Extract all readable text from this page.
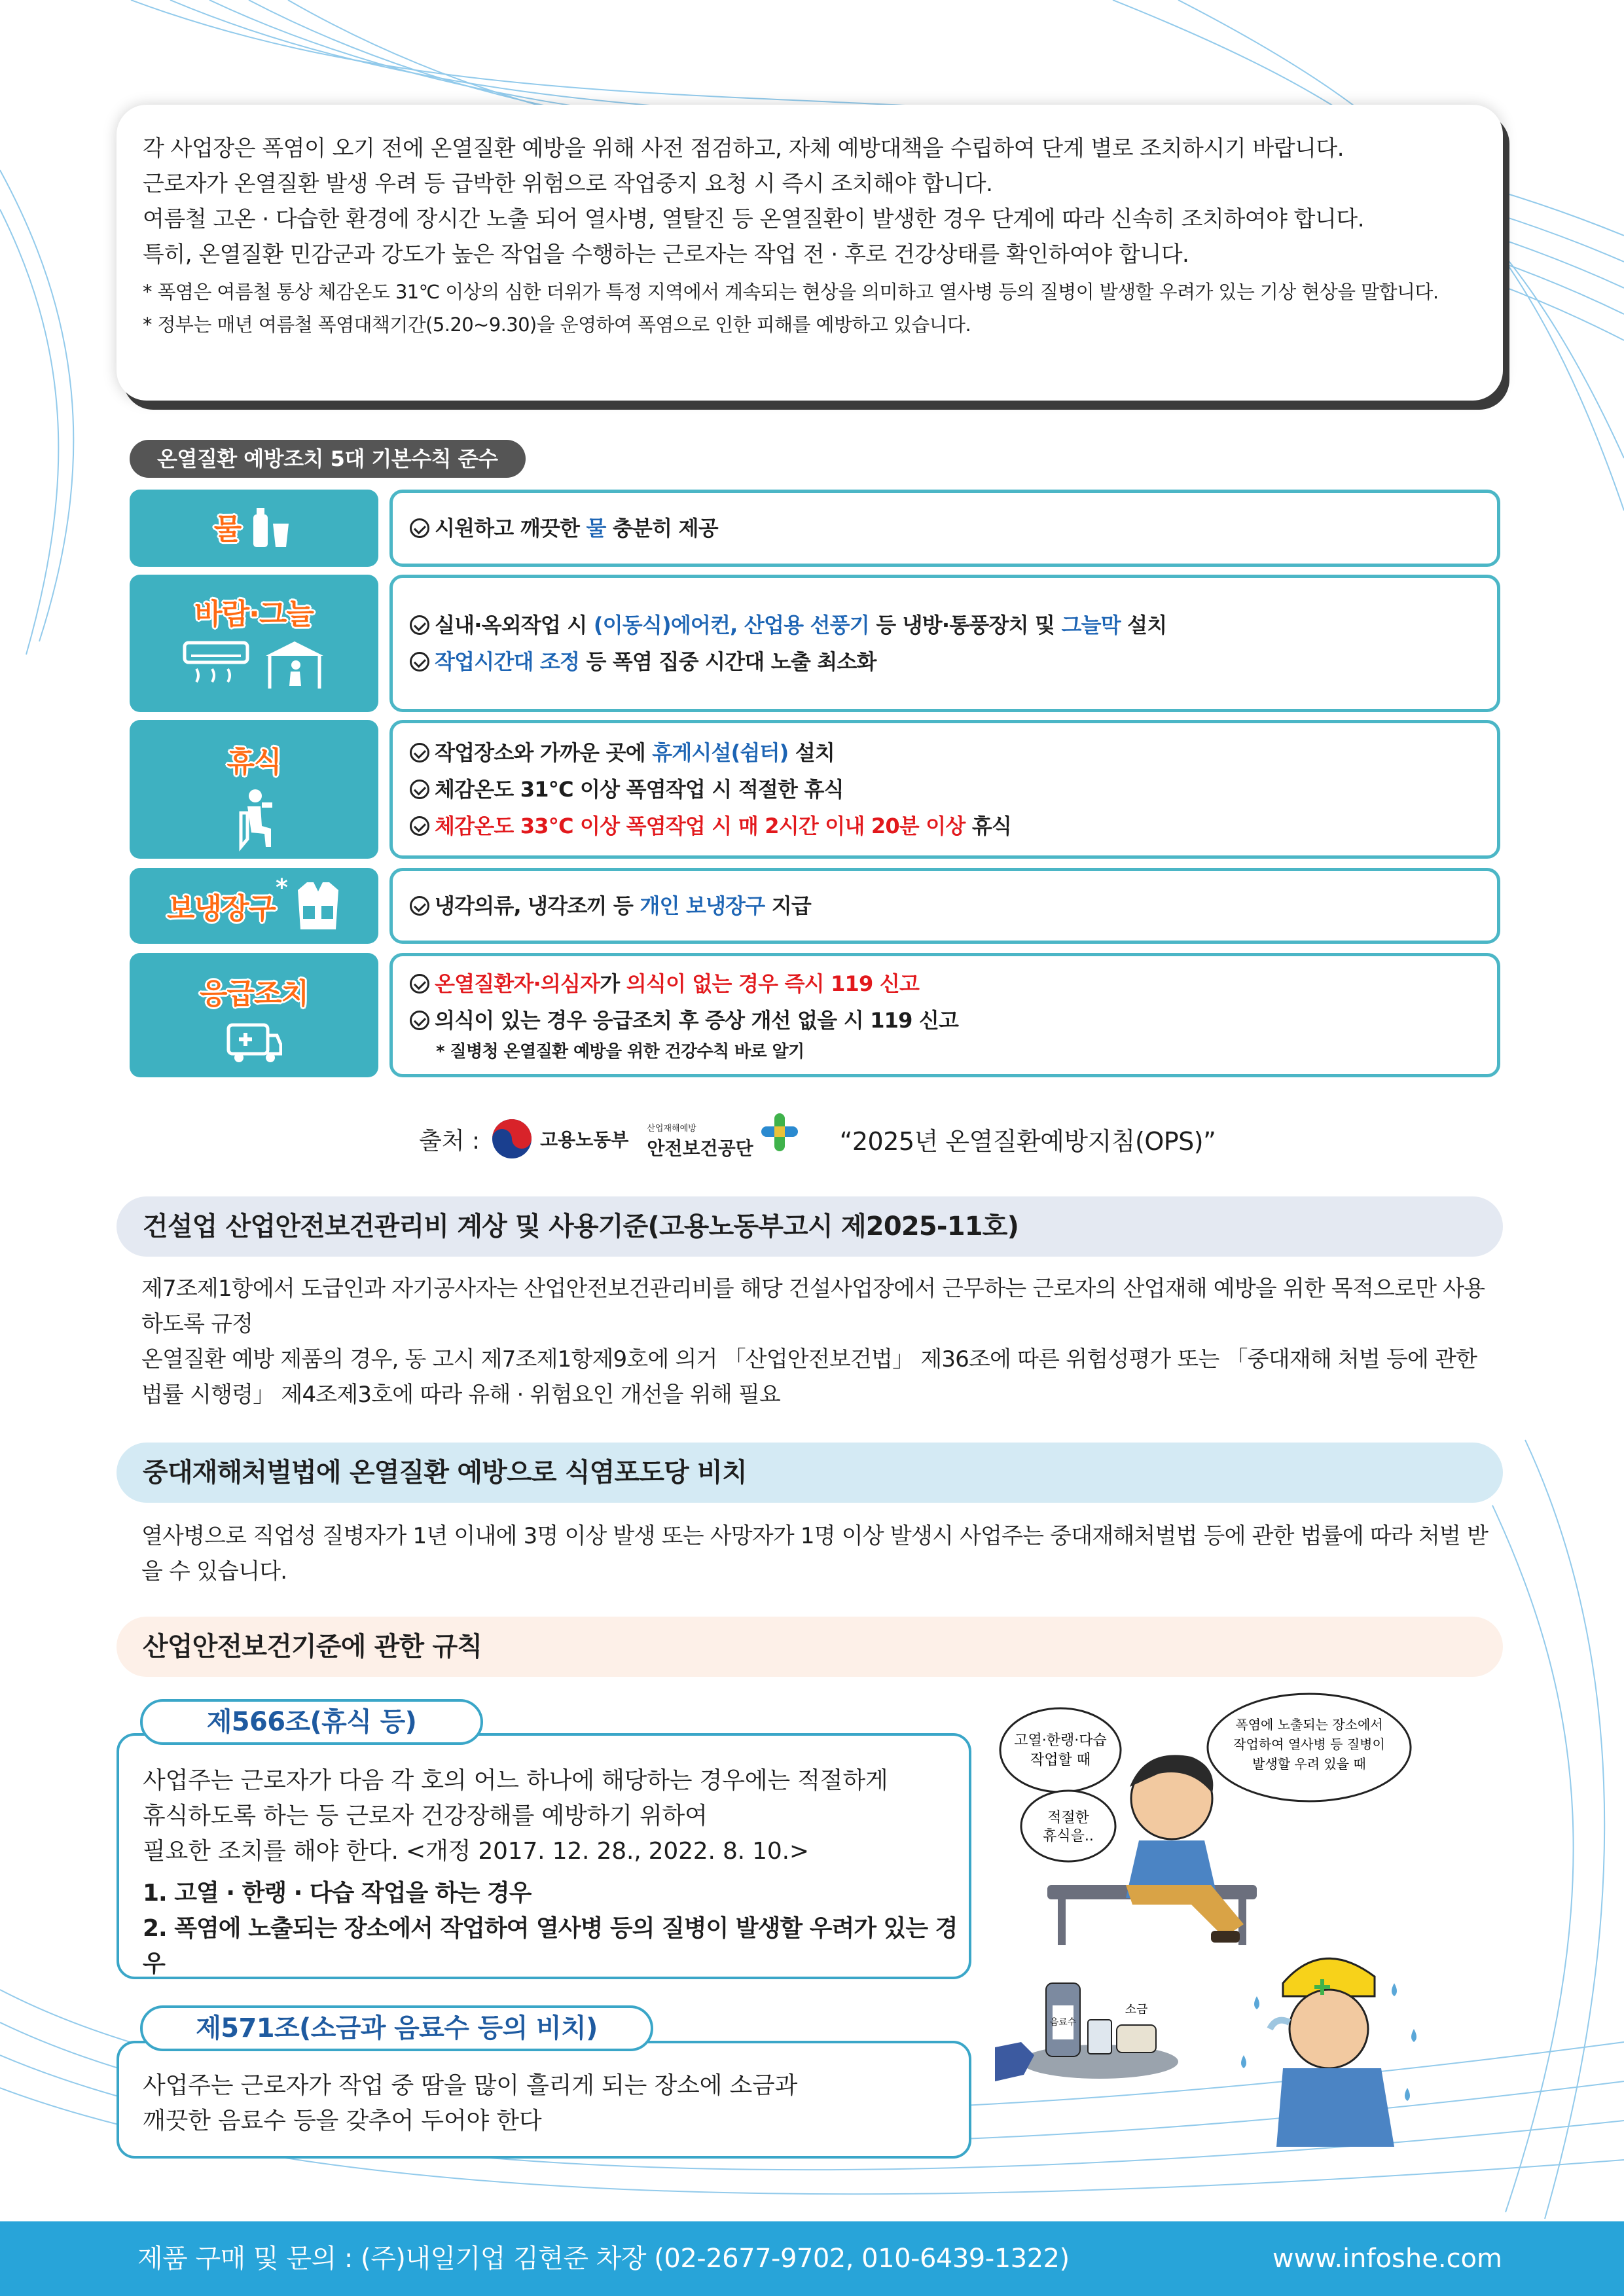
각 사업장은 폭염이 오기 전에 온열질환 예방을 위해 사전 점검하고, 자체 예방대책을 수립하여 단계 별로 조치하시기 바랍니다.

근로자가 온열질환 발생 우려 등 급박한 위험으로 작업중지 요청 시 즉시 조치해야 합니다.

여름철 고온 · 다습한 환경에 장시간 노출 되어 열사병, 열탈진 등 온열질환이 발생한 경우 단계에 따라 신속히 조치하여야 합니다.

특히, 온열질환 민감군과 강도가 높은 작업을 수행하는 근로자는 작업 전 · 후로 건강상태를 확인하여야 합니다.

* 폭염은 여름철 통상 체감온도 31℃ 이상의 심한 더위가 특정 지역에서 계속되는 현상을 의미하고 열사병 등의 질병이 발생할 우려가 있는 기상 현상을 말합니다.

* 정부는 매년 여름철 폭염대책기간(5.20~9.30)을 운영하여 폭염으로 인한 피해를 예방하고 있습니다.

온열질환 예방조치 5대 기본수칙 준수
물	시원하고 깨끗한 물 충분히 제공
바람·그늘
	실내·옥외작업 시 (이동식)에어컨, 산업용 선풍기 등 냉방·통풍장치 및 그늘막 설치
작업시간대 조정 등 폭염 집중 시간대 노출 최소화
휴식	작업장소와 가까운 곳에 휴게시설(쉼터) 설치
체감온도 31℃ 이상 폭염작업 시 적절한 휴식
체감온도 33℃ 이상 폭염작업 시 매 2시간 이내 20분 이상 휴식
보냉장구*
냉각의류, 냉각조끼 등 개인 보냉장구 지급
응급조치	온열질환자·의심자가 의식이 없는 경우 즉시 119 신고
의식이 있는 경우 응급조치 후 증상 개선 없을 시 119 신고
* 질병청 온열질환 예방을 위한 건강수칙 바로 알기
출처 :	고용노동부
산업재해예방
안전보건공단	“2025년 온열질환예방지침(OPS)”
건설업 산업안전보건관리비 계상 및 사용기준(고용노동부고시 제2025-11호)

제7조제1항에서 도급인과 자기공사자는 산업안전보건관리비를 해당 건설사업장에서 근무하는 근로자의 산업재해 예방을 위한 목적으로만 사용하도록 규정

온열질환 예방 제품의 경우, 동 고시 제7조제1항제9호에 의거 「산업안전보건법」 제36조에 따른 위험성평가 또는 「중대재해 처벌 등에 관한 법률 시행령」 제4조제3호에 따라 유해 · 위험요인 개선을 위해 필요

중대재해처벌법에 온열질환 예방으로 식염포도당 비치

열사병으로 직업성 질병자가 1년 이내에 3명 이상 발생 또는 사망자가 1명 이상 발생시 사업주는 중대재해처벌법 등에 관한 법률에 따라 처벌 받을 수 있습니다.

산업안전보건기준에 관한 규칙

사업주는 근로자가 다음 각 호의 어느 하나에 해당하는 경우에는 적절하게

휴식하도록 하는 등 근로자 건강장해를 예방하기 위하여

필요한 조치를 해야 한다. <개정 2017. 12. 28., 2022. 8. 10.>

1. 고열 · 한랭 · 다습 작업을 하는 경우

2. 폭염에 노출되는 장소에서 작업하여 열사병 등의 질병이 발생할 우려가 있는 경우

제566조(휴식 등)

사업주는 근로자가 작업 중 땀을 많이 흘리게 되는 장소에 소금과

깨끗한 음료수 등을 갖추어 두어야 한다

제571조(소금과 음료수 등의 비치)
고열·한랭·다습
작업할 때
적절한
휴식을..
폭염에 노출되는 장소에서
작업하여 열사병 등 질병이
발생할 우려 있을 때
음료수
소금
제품 구매 및 문의 : (주)내일기업 김현준 차장 (02-2677-9702, 010-6439-1322)	www.infoshe.com
